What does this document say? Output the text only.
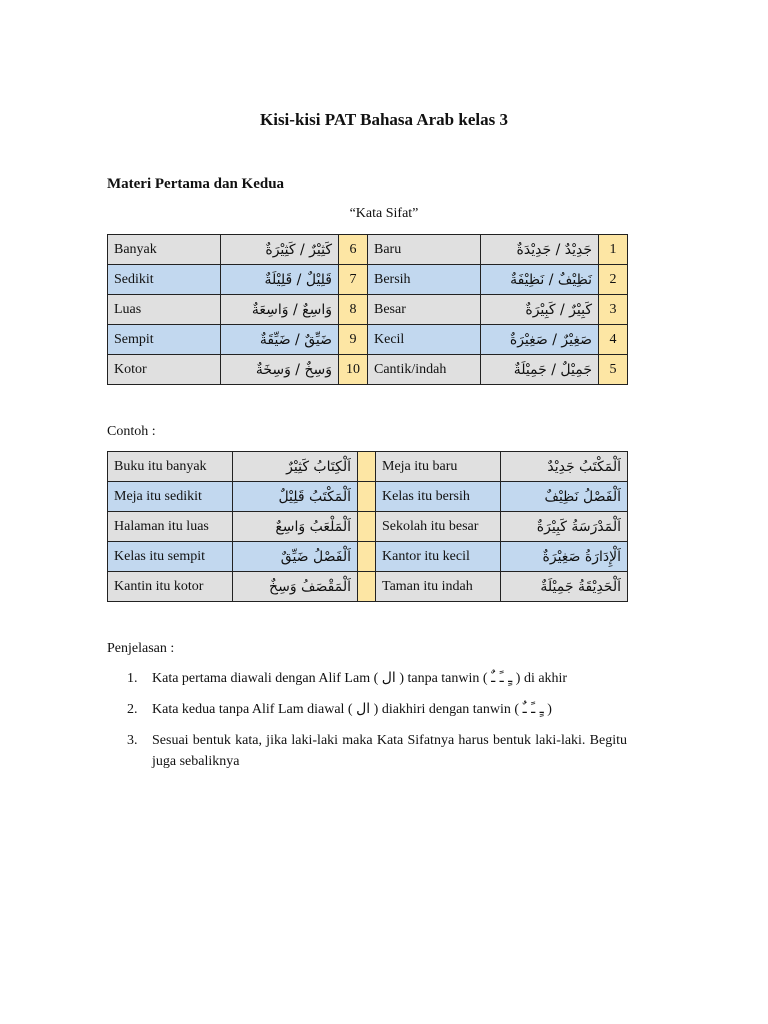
Kisi-kisi PAT Bahasa Arab kelas 3
Materi Pertama dan Kedua
“Kata Sifat”
Banyak	كَثِيْرٌ / كَثِيْرَةٌ	6	Baru	جَدِيْدٌ / جَدِيْدَةٌ	1
Sedikit	قَلِيْلٌ / قَلِيْلَةٌ	7	Bersih	نَظِيْفٌ / نَظِيْفَةٌ	2
Luas	وَاسِعٌ / وَاسِعَةٌ	8	Besar	كَبِيْرٌ / كَبِيْرَةٌ	3
Sempit	ضَيِّقٌ / ضَيِّقَةٌ	9	Kecil	صَغِيْرٌ / صَغِيْرَةٌ	4
Kotor	وَسِخٌ / وَسِخَةٌ	10	Cantik/indah	جَمِيْلٌ / جَمِيْلَةٌ	5
Contoh :
Buku itu banyak	اَلْكِتَابُ كَثِيْرٌ		Meja itu baru	اَلْمَكْتَبُ جَدِيْدٌ
Meja itu sedikit	اَلْمَكْتَبُ قَلِيْلٌ		Kelas itu bersih	اَلْفَصْلُ نَظِيْفٌ
Halaman itu luas	اَلْمَلْعَبُ وَاسِعٌ		Sekolah itu besar	اَلْمَدْرَسَةُ كَبِيْرَةٌ
Kelas itu sempit	اَلْفَصْلُ ضَيِّقٌ		Kantor itu kecil	اَلْإِدَارَةُ صَغِيْرَةٌ
Kantin itu kotor	اَلْمَقْصَفُ وَسِخٌ		Taman itu indah	اَلْحَدِيْقَةُ جَمِيْلَةٌ
Penjelasan :
1. Kata pertama diawali dengan Alif Lam ( ال ) tanpa tanwin ( ـٍ ـً ـٌ ) di akhir
2. Kata kedua tanpa Alif Lam diawal ( ال ) diakhiri dengan tanwin ( ـٍ ـً ـٌ )
3. Sesuai bentuk kata, jika laki-laki maka Kata Sifatnya harus bentuk laki-laki. Begitu juga sebaliknya
